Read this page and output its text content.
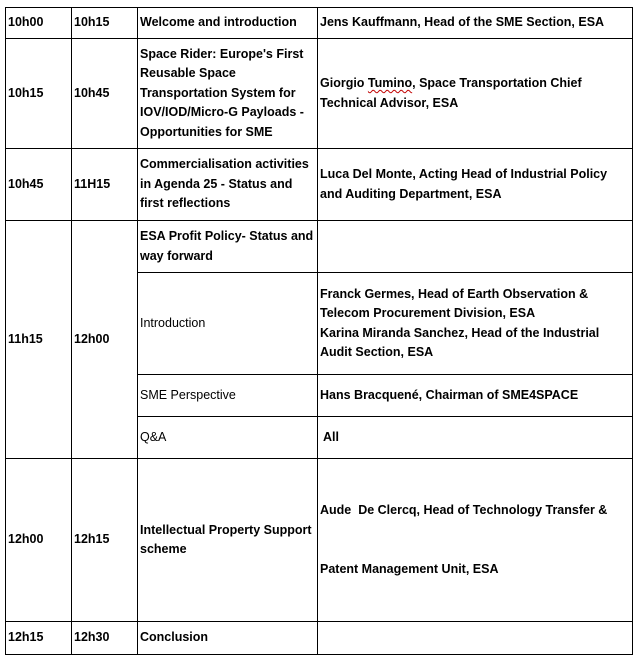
10h00	10h15	Welcome and introduction	Jens Kauffmann, Head of the SME Section, ESA

10h15	10h45	Space Rider: Europe's First
Reusable Space
Transportation System for
IOV/IOD/Micro-G Payloads -
Opportunities for SME	Giorgio Tumino, Space Transportation Chief
Technical Advisor, ESA

10h45	11H15	Commercialisation activities
in Agenda 25 - Status and
first reflections	Luca Del Monte, Acting Head of Industrial Policy
and Auditing Department, ESA

11h15	12h00	ESA Profit Policy- Status and
way forward	

		Introduction	Franck Germes, Head of Earth Observation &
Telecom Procurement Division, ESA
Karina Miranda Sanchez, Head of the Industrial
Audit Section, ESA

		SME Perspective	Hans Bracquené, Chairman of SME4SPACE
		Q&A	All
12h00	12h15	Intellectual Property Support
scheme	Aude  De Clercq, Head of Technology Transfer &

Patent Management Unit, ESA

12h15	12h30	Conclusion	
